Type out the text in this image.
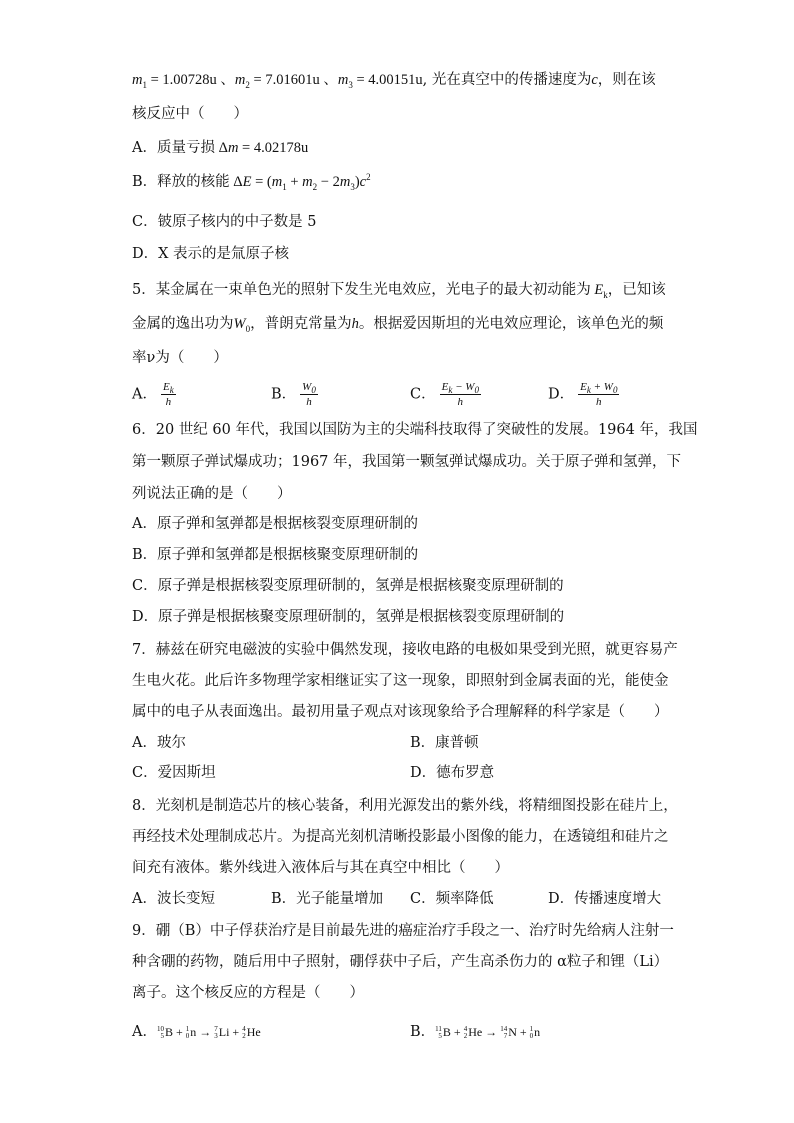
$m_1 = 1.00728u$ 、$m_2 = 7.01601u$ 、$m_3 = 4.00151u$, 光在真空中的传播速度为c，则在该
核反应中（　　）
A．质量亏损 Δm = 4.02178u
B．释放的核能 $\Delta E = (m_1 + m_2 - 2m_3)c^2$
C．铍原子核内的中子数是 5
D．X 表示的是氚原子核
5．某金属在一束单色光的照射下发生光电效应，光电子的最大初动能为 $E_k$，已知该
金属的逸出功为$W_0$，普朗克常量为h。根据爱因斯坦的光电效应理论，该单色光的频
率ν为（　　）
A． $\frac{E_k}{h}$	B． $\frac{W_0}{h}$	C． $\frac{E_k - W_0}{h}$	D． $\frac{E_k + W_0}{h}$
6．20 世纪 60 年代，我国以国防为主的尖端科技取得了突破性的发展。1964 年，我国
第一颗原子弹试爆成功；1967 年，我国第一颗氢弹试爆成功。关于原子弹和氢弹，下
列说法正确的是（　　）
A．原子弹和氢弹都是根据核裂变原理研制的
B．原子弹和氢弹都是根据核聚变原理研制的
C．原子弹是根据核裂变原理研制的，氢弹是根据核聚变原理研制的
D．原子弹是根据核聚变原理研制的，氢弹是根据核裂变原理研制的
7．赫兹在研究电磁波的实验中偶然发现，接收电路的电极如果受到光照，就更容易产
生电火花。此后许多物理学家相继证实了这一现象，即照射到金属表面的光，能使金
属中的电子从表面逸出。最初用量子观点对该现象给予合理解释的科学家是（　　）
A．玻尔	B．康普顿
C．爱因斯坦	D．德布罗意
8．光刻机是制造芯片的核心装备，利用光源发出的紫外线，将精细图投影在硅片上，
再经技术处理制成芯片。为提高光刻机清晰投影最小图像的能力，在透镜组和硅片之
间充有液体。紫外线进入液体后与其在真空中相比（　　）
A．波长变短	B．光子能量增加 C．频率降低	D．传播速度增大
9．硼（B）中子俘获治疗是目前最先进的癌症治疗手段之一、治疗时先给病人注射一
种含硼的药物，随后用中子照射，硼俘获中子后，产生高杀伤力的 α粒子和锂（Li）
离子。这个核反应的方程是（　　）
A． 10
5 B + 1
0 n → 7
3 Li + 4
2 He	B． 11
5 B + 4
2 He → 14
7 N + 1
0 n
